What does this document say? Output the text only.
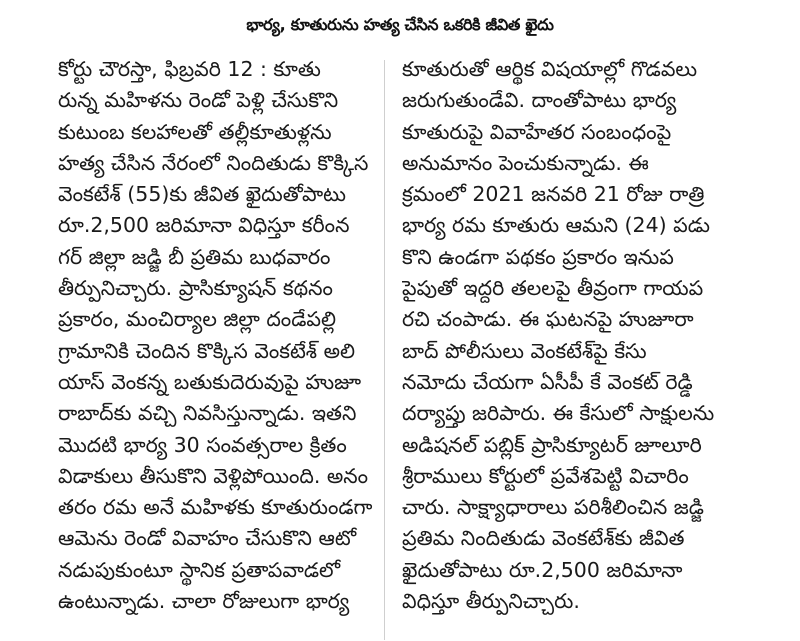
భార్య, కూతురును హత్య చేసిన ఒకరికి జీవిత ఖైదు
కోర్టు చౌరస్తా, ఫిబ్రవరి 12 : కూతు
రున్న మహిళను రెండో పెళ్లి చేసుకొని
కుటుంబ కలహాలతో తల్లీకూతుళ్లను
హత్య చేసిన నేరంలో నిందితుడు కొక్కిస
వెంకటేశ్ (55)కు జీవిత ఖైదుతోపాటు
రూ.2,500 జరిమానా విధిస్తూ కరీంన
గర్ జిల్లా జడ్జి బీ ప్రతిమ బుధవారం
తీర్పునిచ్చారు. ప్రాసిక్యూషన్ కథనం
ప్రకారం, మంచిర్యాల జిల్లా దండేపల్లి
గ్రామానికి చెందిన కొక్కిస వెంకటేశ్ అలి
యాస్ వెంకన్న బతుకుదెరువుపై హుజూ
రాబాద్‌కు వచ్చి నివసిస్తున్నాడు. ఇతని
మొదటి భార్య 30 సంవత్సరాల క్రితం
విడాకులు తీసుకొని వెళ్లిపోయింది. అనం
తరం రమ అనే మహిళకు కూతురుండగా
ఆమెను రెండో వివాహం చేసుకొని ఆటో
నడుపుకుంటూ స్థానిక ప్రతాపవాడలో
ఉంటున్నాడు. చాలా రోజులుగా భార్య
కూతురుతో ఆర్థిక విషయాల్లో గొడవలు
జరుగుతుండేవి. దాంతోపాటు భార్య
కూతురుపై వివాహేతర సంబంధంపై
అనుమానం పెంచుకున్నాడు. ఈ
క్రమంలో 2021 జనవరి 21 రోజు రాత్రి
భార్య రమ కూతురు ఆమని (24) పడు
కొని ఉండగా పథకం ప్రకారం ఇనుప
పైపుతో ఇద్దరి తలలపై తీవ్రంగా గాయప
రచి చంపాడు. ఈ ఘటనపై హుజూరా
బాద్ పోలీసులు వెంకటేశ్‌పై కేసు
నమోదు చేయగా ఏసీపీ కే వెంకట్ రెడ్డి
దర్యాప్తు జరిపారు. ఈ కేసులో సాక్షులను
అడిషనల్ పబ్లిక్ ప్రాసిక్యూటర్ జూలూరి
శ్రీరాములు కోర్టులో ప్రవేశపెట్టి విచారిం
చారు. సాక్ష్యాధారాలు పరిశీలించిన జడ్జి
ప్రతిమ నిందితుడు వెంకటేశ్‌కు జీవిత
ఖైదుతోపాటు రూ.2,500 జరిమానా
విధిస్తూ తీర్పునిచ్చారు.
